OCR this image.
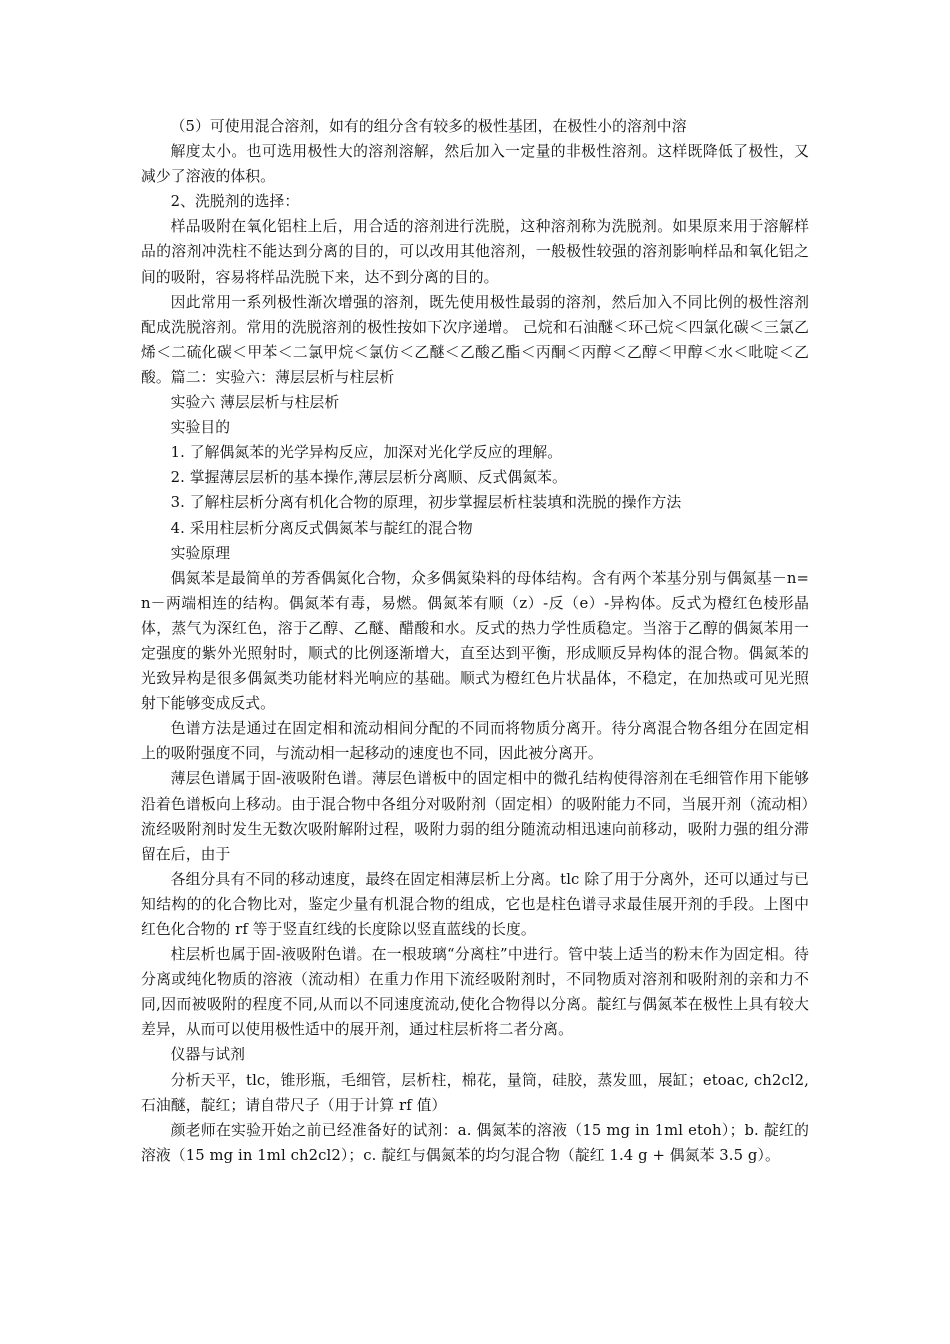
（5）可使用混合溶剂，如有的组分含有较多的极性基团，在极性小的溶剂中溶

解度太小。也可选用极性大的溶剂溶解，然后加入一定量的非极性溶剂。这样既降低了极性，又减少了溶液的体积。

2、洗脱剂的选择：

样品吸附在氧化铝柱上后，用合适的溶剂进行洗脱，这种溶剂称为洗脱剂。如果原来用于溶解样品的溶剂冲洗柱不能达到分离的目的，可以改用其他溶剂，一般极性较强的溶剂影响样品和氧化铝之间的吸附，容易将样品洗脱下来，达不到分离的目的。

因此常用一系列极性渐次增强的溶剂，既先使用极性最弱的溶剂，然后加入不同比例的极性溶剂配成洗脱溶剂。常用的洗脱溶剂的极性按如下次序递增。 己烷和石油醚＜环己烷＜四氯化碳＜三氯乙烯＜二硫化碳＜甲苯＜二氯甲烷＜氯仿＜乙醚＜乙酸乙酯＜丙酮＜丙醇＜乙醇＜甲醇＜水＜吡啶＜乙酸。篇二：实验六：薄层层析与柱层析

实验六 薄层层析与柱层析

实验目的

1. 了解偶氮苯的光学异构反应，加深对光化学反应的理解。

2. 掌握薄层层析的基本操作,薄层层析分离顺、反式偶氮苯。

3. 了解柱层析分离有机化合物的原理，初步掌握层析柱装填和洗脱的操作方法

4. 采用柱层析分离反式偶氮苯与靛红的混合物

实验原理

偶氮苯是最简单的芳香偶氮化合物，众多偶氮染料的母体结构。含有两个苯基分别与偶氮基－n=n－两端相连的结构。偶氮苯有毒，易燃。偶氮苯有顺（z）-反（e）-异构体。反式为橙红色棱形晶体，蒸气为深红色，溶于乙醇、乙醚、醋酸和水。反式的热力学性质稳定。当溶于乙醇的偶氮苯用一定强度的紫外光照射时，顺式的比例逐渐增大，直至达到平衡，形成顺反异构体的混合物。偶氮苯的光致异构是很多偶氮类功能材料光响应的基础。顺式为橙红色片状晶体，不稳定，在加热或可见光照射下能够变成反式。

色谱方法是通过在固定相和流动相间分配的不同而将物质分离开。待分离混合物各组分在固定相上的吸附强度不同，与流动相一起移动的速度也不同，因此被分离开。

薄层色谱属于固-液吸附色谱。薄层色谱板中的固定相中的微孔结构使得溶剂在毛细管作用下能够沿着色谱板向上移动。由于混合物中各组分对吸附剂（固定相）的吸附能力不同，当展开剂（流动相）流经吸附剂时发生无数次吸附解附过程，吸附力弱的组分随流动相迅速向前移动，吸附力强的组分滞留在后，由于

各组分具有不同的移动速度，最终在固定相薄层析上分离。tlc 除了用于分离外，还可以通过与已知结构的的化合物比对，鉴定少量有机混合物的组成，它也是柱色谱寻求最佳展开剂的手段。上图中红色化合物的 rf 等于竖直红线的长度除以竖直蓝线的长度。

柱层析也属于固-液吸附色谱。在一根玻璃“分离柱”中进行。管中装上适当的粉末作为固定相。待分离或纯化物质的溶液（流动相）在重力作用下流经吸附剂时，不同物质对溶剂和吸附剂的亲和力不同,因而被吸附的程度不同,从而以不同速度流动,使化合物得以分离。靛红与偶氮苯在极性上具有较大差异，从而可以使用极性适中的展开剂，通过柱层析将二者分离。

仪器与试剂

分析天平，tlc，锥形瓶，毛细管，层析柱，棉花，量筒，硅胶，蒸发皿，展缸；etoac, ch2cl2, 石油醚，靛红；请自带尺子（用于计算 rf 值）

颜老师在实验开始之前已经准备好的试剂：a. 偶氮苯的溶液（15 mg in 1ml etoh）；b. 靛红的溶液（15 mg in 1ml ch2cl2）；c. 靛红与偶氮苯的均匀混合物（靛红 1.4 g + 偶氮苯 3.5 g）。
